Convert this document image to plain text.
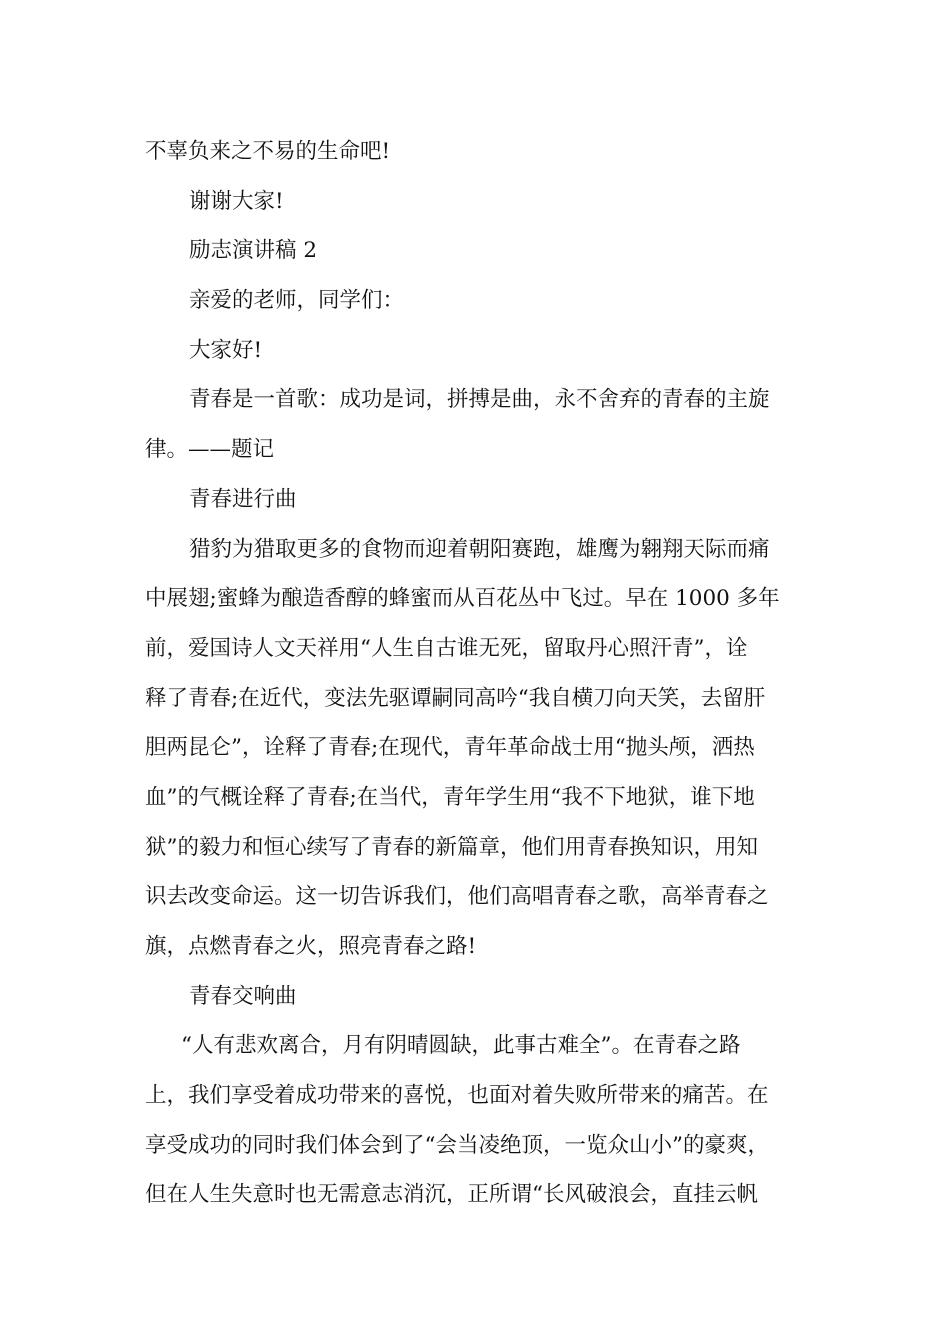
不辜负来之不易的生命吧!
谢谢大家!
励志演讲稿 2
亲爱的老师，同学们：
大家好!
青春是一首歌：成功是词，拼搏是曲，永不舍弃的青春的主旋
律。——题记
青春进行曲
猎豹为猎取更多的食物而迎着朝阳赛跑，雄鹰为翱翔天际而痛
中展翅;蜜蜂为酿造香醇的蜂蜜而从百花丛中飞过。早在 1000 多年
前，爱国诗人文天祥用“人生自古谁无死，留取丹心照汗青”，诠
释了青春;在近代，变法先驱谭嗣同高吟“我自横刀向天笑，去留肝
胆两昆仑”，诠释了青春;在现代，青年革命战士用“抛头颅，洒热
血”的气概诠释了青春;在当代，青年学生用“我不下地狱，谁下地
狱”的毅力和恒心续写了青春的新篇章，他们用青春换知识，用知
识去改变命运。这一切告诉我们，他们高唱青春之歌，高举青春之
旗，点燃青春之火，照亮青春之路!
青春交响曲
“人有悲欢离合，月有阴晴圆缺，此事古难全”。在青春之路
上，我们享受着成功带来的喜悦，也面对着失败所带来的痛苦。在
享受成功的同时我们体会到了“会当凌绝顶，一览众山小”的豪爽，
但在人生失意时也无需意志消沉，正所谓“长风破浪会，直挂云帆
